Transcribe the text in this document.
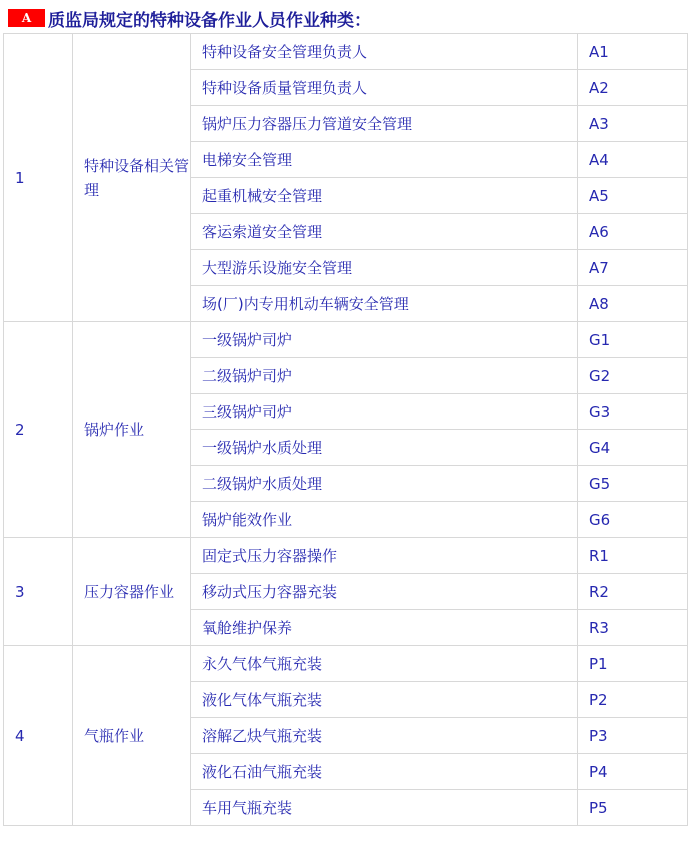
A 质监局规定的特种设备作业人员作业种类：
1	特种设备相关管理	特种设备安全管理负责人	A1
		特种设备质量管理负责人	A2
		锅炉压力容器压力管道安全管理	A3
		电梯安全管理	A4
		起重机械安全管理	A5
		客运索道安全管理	A6
		大型游乐设施安全管理	A7
		场(厂)内专用机动车辆安全管理	A8
2	锅炉作业	一级锅炉司炉	G1
		二级锅炉司炉	G2
		三级锅炉司炉	G3
		一级锅炉水质处理	G4
		二级锅炉水质处理	G5
		锅炉能效作业	G6
3	压力容器作业	固定式压力容器操作	R1
		移动式压力容器充装	R2
		氧舱维护保养	R3
4	气瓶作业	永久气体气瓶充装	P1
		液化气体气瓶充装	P2
		溶解乙炔气瓶充装	P3
		液化石油气瓶充装	P4
		车用气瓶充装	P5
